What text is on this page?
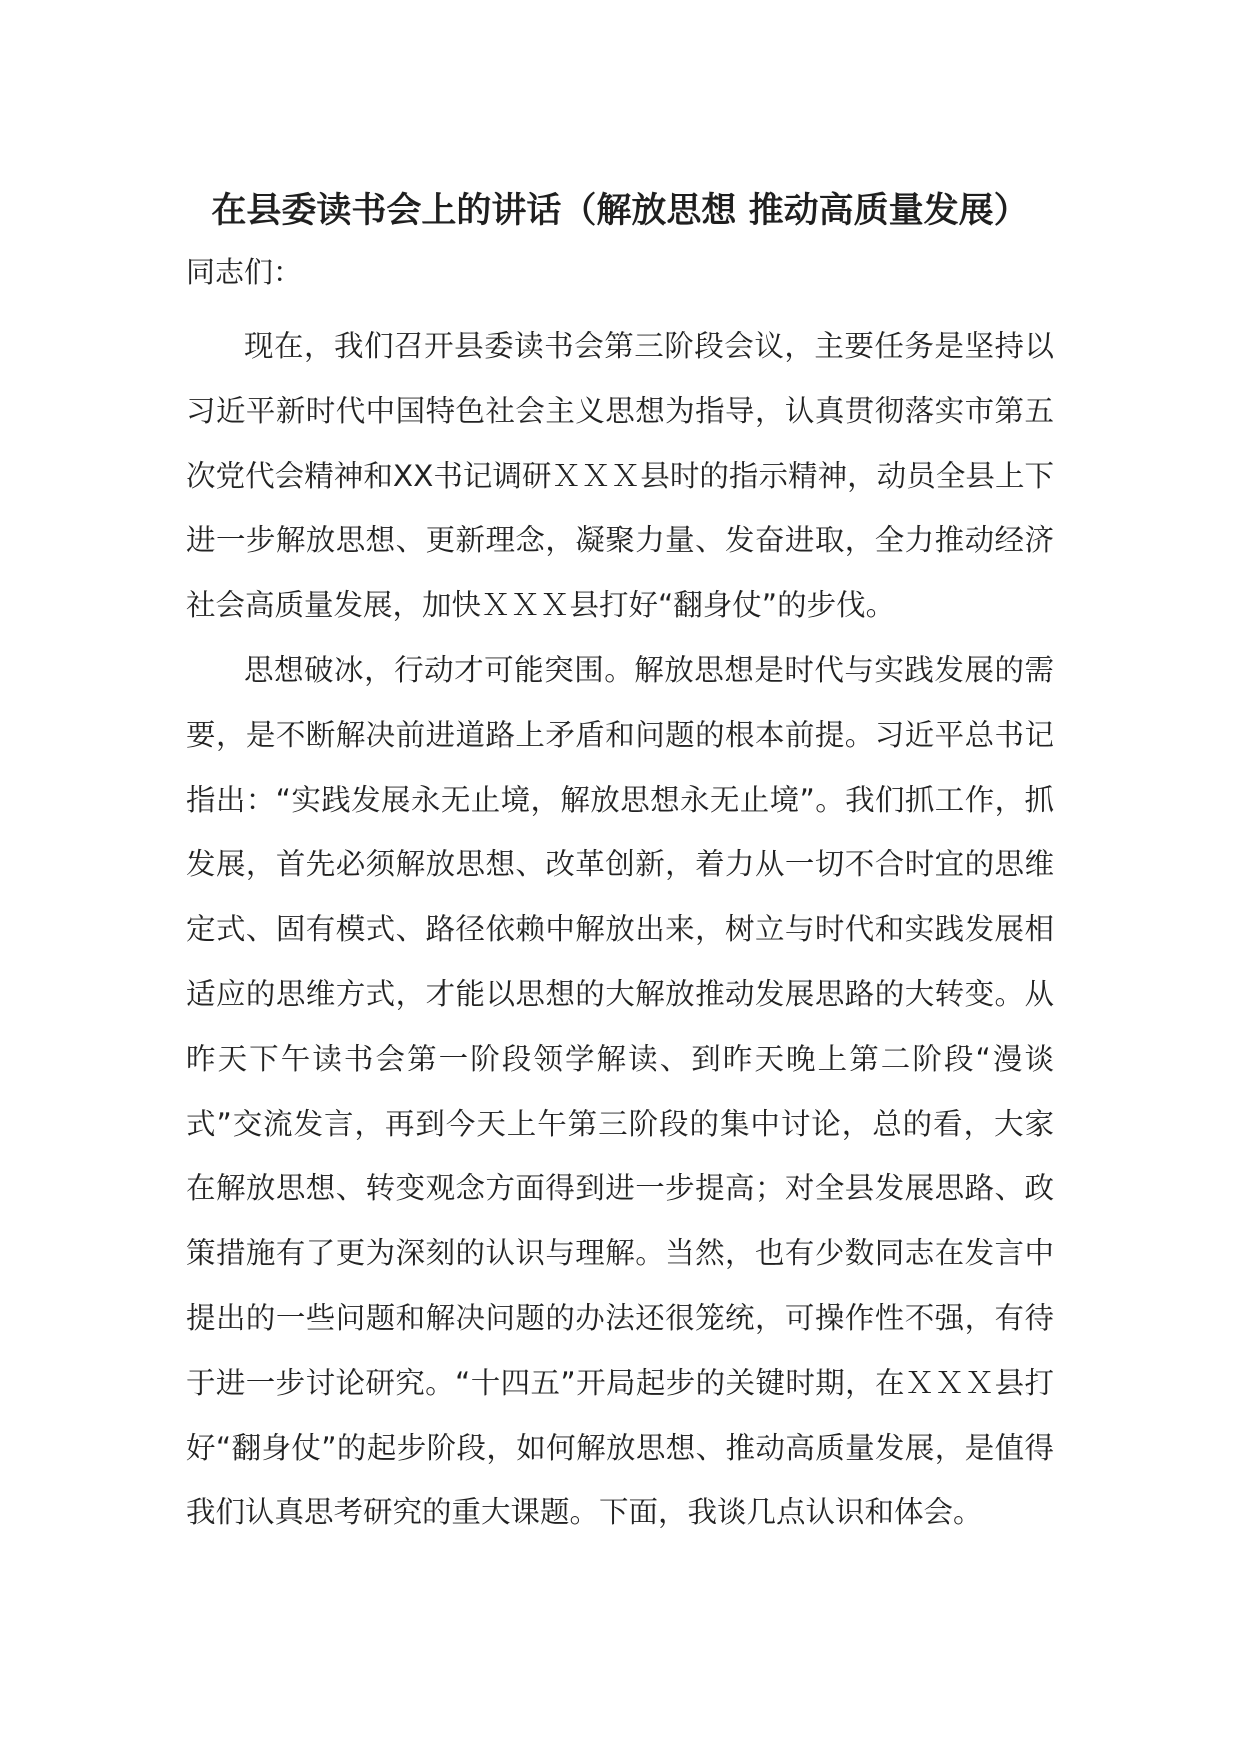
在县委读书会上的讲话（解放思想 推动高质量发展）

同志们：

现在，我们召开县委读书会第三阶段会议，主要任务是坚持以习近平新时代中国特色社会主义思想为指导，认真贯彻落实市第五次党代会精神和XX书记调研ＸＸＸ县时的指示精神，动员全县上下进一步解放思想、更新理念，凝聚力量、发奋进取，全力推动经济社会高质量发展，加快ＸＸＸ县打好“翻身仗”的步伐。

思想破冰，行动才可能突围。解放思想是时代与实践发展的需要，是不断解决前进道路上矛盾和问题的根本前提。习近平总书记指出：“实践发展永无止境，解放思想永无止境”。我们抓工作，抓发展，首先必须解放思想、改革创新，着力从一切不合时宜的思维定式、固有模式、路径依赖中解放出来，树立与时代和实践发展相适应的思维方式，才能以思想的大解放推动发展思路的大转变。从昨天下午读书会第一阶段领学解读、到昨天晚上第二阶段“漫谈式”交流发言，再到今天上午第三阶段的集中讨论，总的看，大家在解放思想、转变观念方面得到进一步提高；对全县发展思路、政策措施有了更为深刻的认识与理解。当然，也有少数同志在发言中提出的一些问题和解决问题的办法还很笼统，可操作性不强，有待于进一步讨论研究。“十四五”开局起步的关键时期，在ＸＸＸ县打好“翻身仗”的起步阶段，如何解放思想、推动高质量发展，是值得我们认真思考研究的重大课题。下面，我谈几点认识和体会。
